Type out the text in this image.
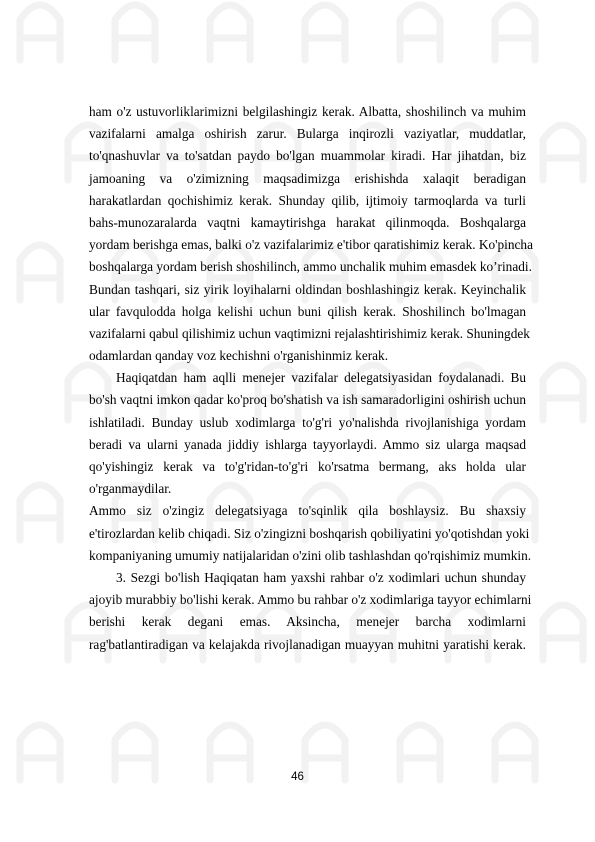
ham o'z ustuvorliklarimizni belgilashingiz kerak. Albatta, shoshilinch va muhim
vazifalarni amalga oshirish zarur. Bularga inqirozli vaziyatlar, muddatlar,
to'qnashuvlar va to'satdan paydo bo'lgan muammolar kiradi. Har jihatdan, biz
jamoaning va o'zimizning maqsadimizga erishishda xalaqit beradigan
harakatlardan qochishimiz kerak. Shunday qilib, ijtimoiy tarmoqlarda va turli
bahs-munozaralarda vaqtni kamaytirishga harakat qilinmoqda. Boshqalarga
yordam berishga emas, balki o'z vazifalarimiz e'tibor qaratishimiz kerak. Ko'pincha
boshqalarga yordam berish shoshilinch, ammo unchalik muhim emasdek ko’rinadi.
Bundan tashqari, siz yirik loyihalarni oldindan boshlashingiz kerak. Keyinchalik
ular favqulodda holga kelishi uchun buni qilish kerak. Shoshilinch bo'lmagan
vazifalarni qabul qilishimiz uchun vaqtimizni rejalashtirishimiz kerak. Shuningdek
odamlardan qanday voz kechishni o'rganishinmiz kerak.
Haqiqatdan ham aqlli menejer vazifalar delegatsiyasidan foydalanadi. Bu
bo'sh vaqtni imkon qadar ko'proq bo'shatish va ish samaradorligini oshirish uchun
ishlatiladi. Bunday uslub xodimlarga to'g'ri yo'nalishda rivojlanishiga yordam
beradi va ularni yanada jiddiy ishlarga tayyorlaydi. Ammo siz ularga maqsad
qo'yishingiz kerak va to'g'ridan-to'g'ri ko'rsatma bermang, aks holda ular
o'rganmaydilar.
Ammo siz o'zingiz delegatsiyaga to'sqinlik qila boshlaysiz. Bu shaxsiy
e'tirozlardan kelib chiqadi. Siz o'zingizni boshqarish qobiliyatini yo'qotishdan yoki
kompaniyaning umumiy natijalaridan o'zini olib tashlashdan qo'rqishimiz mumkin.
3. Sezgi bo'lish Haqiqatan ham yaxshi rahbar o'z xodimlari uchun shunday
ajoyib murabbiy bo'lishi kerak. Ammo bu rahbar o'z xodimlariga tayyor echimlarni
berishi kerak degani emas. Aksincha, menejer barcha xodimlarni
rag'batlantiradigan va kelajakda rivojlanadigan muayyan muhitni yaratishi kerak.
46
